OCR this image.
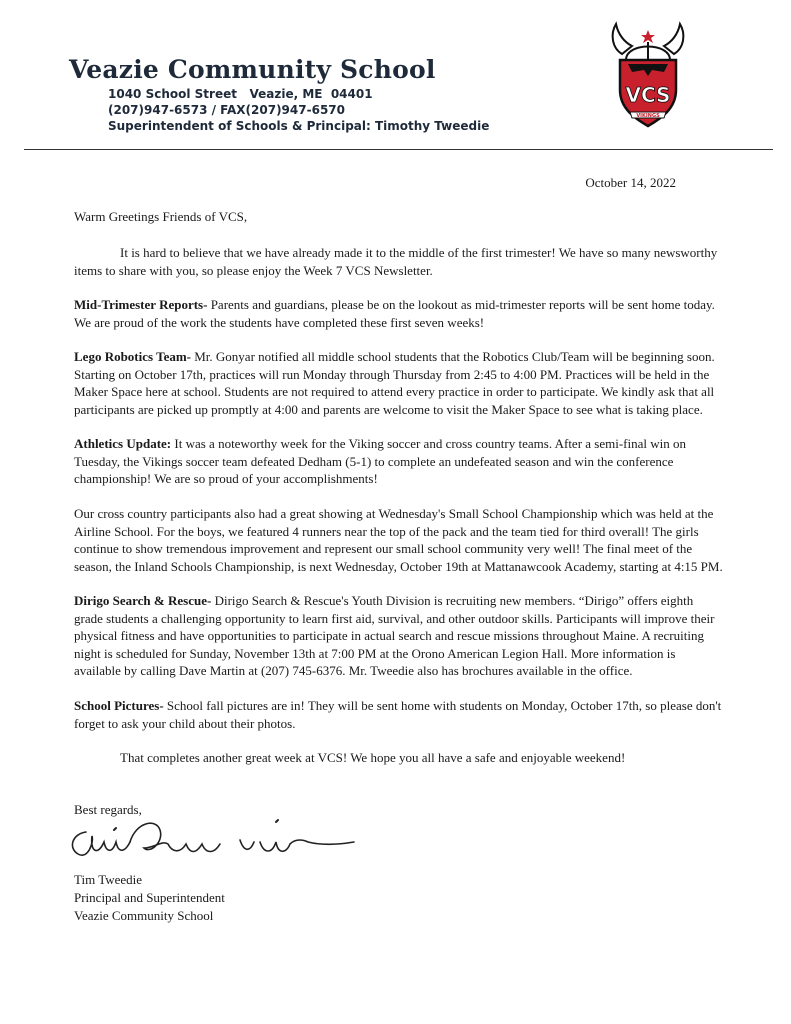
Veazie Community School

1040 School Street   Veazie, ME  04401

(207)947-6573 / FAX(207)947-6570

Superintendent of Schools & Principal: Timothy Tweedie

VCS
VIKINGS
October 14, 2022

Warm Greetings Friends of VCS,

It is hard to believe that we have already made it to the middle of the first trimester! We have so many newsworthy items to share with you, so please enjoy the Week 7 VCS Newsletter.

Mid-Trimester Reports- Parents and guardians, please be on the lookout as mid-trimester reports will be sent home today. We are proud of the work the students have completed these first seven weeks!

Lego Robotics Team- Mr. Gonyar notified all middle school students that the Robotics Club/Team will be beginning soon. Starting on October 17th, practices will run Monday through Thursday from 2:45 to 4:00 PM. Practices will be held in the Maker Space here at school. Students are not required to attend every practice in order to participate. We kindly ask that all participants are picked up promptly at 4:00 and parents are welcome to visit the Maker Space to see what is taking place.

Athletics Update: It was a noteworthy week for the Viking soccer and cross country teams. After a semi-final win on Tuesday, the Vikings soccer team defeated Dedham (5-1) to complete an undefeated season and win the conference championship! We are so proud of your accomplishments!

Our cross country participants also had a great showing at Wednesday's Small School Championship which was held at the Airline School. For the boys, we featured 4 runners near the top of the pack and the team tied for third overall! The girls continue to show tremendous improvement and represent our small school community very well! The final meet of the season, the Inland Schools Championship, is next Wednesday, October 19th at Mattanawcook Academy, starting at 4:15 PM.

Dirigo Search & Rescue- Dirigo Search & Rescue's Youth Division is recruiting new members. “Dirigo” offers eighth grade students a challenging opportunity to learn first aid, survival, and other outdoor skills. Participants will improve their physical fitness and have opportunities to participate in actual search and rescue missions throughout Maine. A recruiting night is scheduled for Sunday, November 13th at 7:00 PM at the Orono American Legion Hall. More information is available by calling Dave Martin at (207) 745-6376. Mr. Tweedie also has brochures available in the office.

School Pictures- School fall pictures are in! They will be sent home with students on Monday, October 17th, so please don't forget to ask your child about their photos.

That completes another great week at VCS! We hope you all have a safe and enjoyable weekend!

Best regards,
Tim Tweedie
Principal and Superintendent
Veazie Community School
